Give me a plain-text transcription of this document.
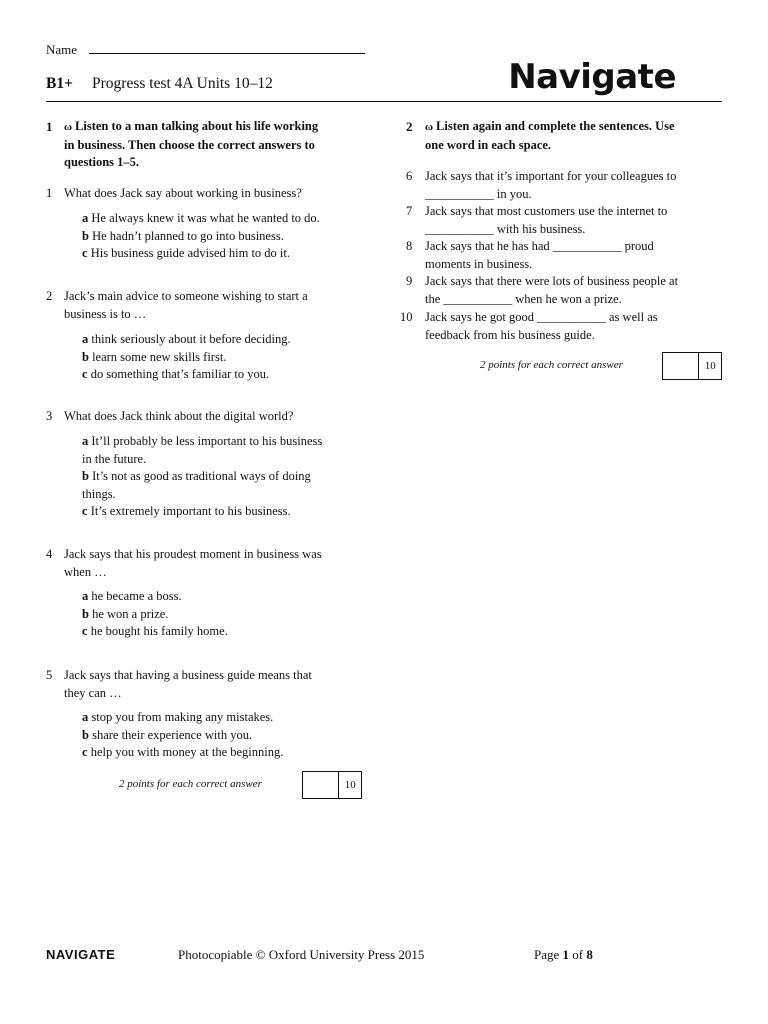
Name
B1+ Progress test 4A Units 10–12	Navigate
1 ω Listen to a man talking about his life working
in business. Then choose the correct answers to
questions 1–5.
1 What does Jack say about working in business?
a He always knew it was what he wanted to do.
b He hadn’t planned to go into business.
c His business guide advised him to do it.
2 Jack’s main advice to someone wishing to start a
business is to …
a think seriously about it before deciding.
b learn some new skills first.
c do something that’s familiar to you.
3 What does Jack think about the digital world?
a It’ll probably be less important to his business
in the future.
b It’s not as good as traditional ways of doing
things.
c It’s extremely important to his business.
4 Jack says that his proudest moment in business was
when …
a he became a boss.
b he won a prize.
c he bought his family home.
5 Jack says that having a business guide means that
they can …
a stop you from making any mistakes.
b share their experience with you.
c help you with money at the beginning.
2 points for each correct answer	10
2 ω Listen again and complete the sentences. Use
one word in each space.
6 Jack says that it’s important for your colleagues to
___________ in you.
7 Jack says that most customers use the internet to
___________ with his business.
8 Jack says that he has had ___________ proud
moments in business.
9 Jack says that there were lots of business people at
the ___________ when he won a prize.
10 Jack says he got good ___________ as well as
feedback from his business guide.
2 points for each correct answer	10
NAVIGATE	Photocopiable © Oxford University Press 2015	Page 1 of 8
